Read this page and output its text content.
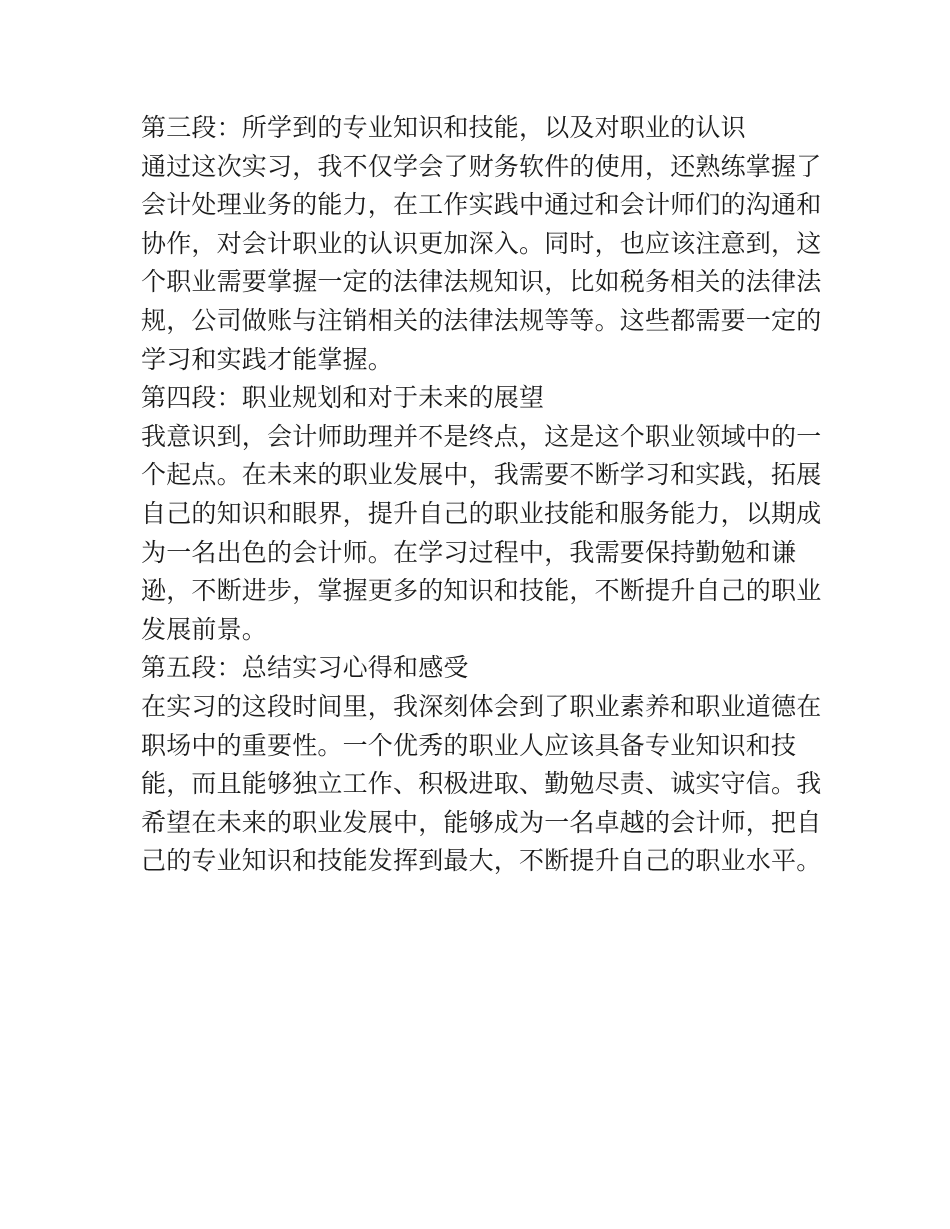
第三段：所学到的专业知识和技能，以及对职业的认识

通过这次实习，我不仅学会了财务软件的使用，还熟练掌握了

会计处理业务的能力，在工作实践中通过和会计师们的沟通和

协作，对会计职业的认识更加深入。同时，也应该注意到，这

个职业需要掌握一定的法律法规知识，比如税务相关的法律法

规，公司做账与注销相关的法律法规等等。这些都需要一定的

学习和实践才能掌握。

第四段：职业规划和对于未来的展望

我意识到，会计师助理并不是终点，这是这个职业领域中的一

个起点。在未来的职业发展中，我需要不断学习和实践，拓展

自己的知识和眼界，提升自己的职业技能和服务能力，以期成

为一名出色的会计师。在学习过程中，我需要保持勤勉和谦

逊，不断进步，掌握更多的知识和技能，不断提升自己的职业

发展前景。

第五段：总结实习心得和感受

在实习的这段时间里，我深刻体会到了职业素养和职业道德在

职场中的重要性。一个优秀的职业人应该具备专业知识和技

能，而且能够独立工作、积极进取、勤勉尽责、诚实守信。我

希望在未来的职业发展中，能够成为一名卓越的会计师，把自

己的专业知识和技能发挥到最大，不断提升自己的职业水平。
